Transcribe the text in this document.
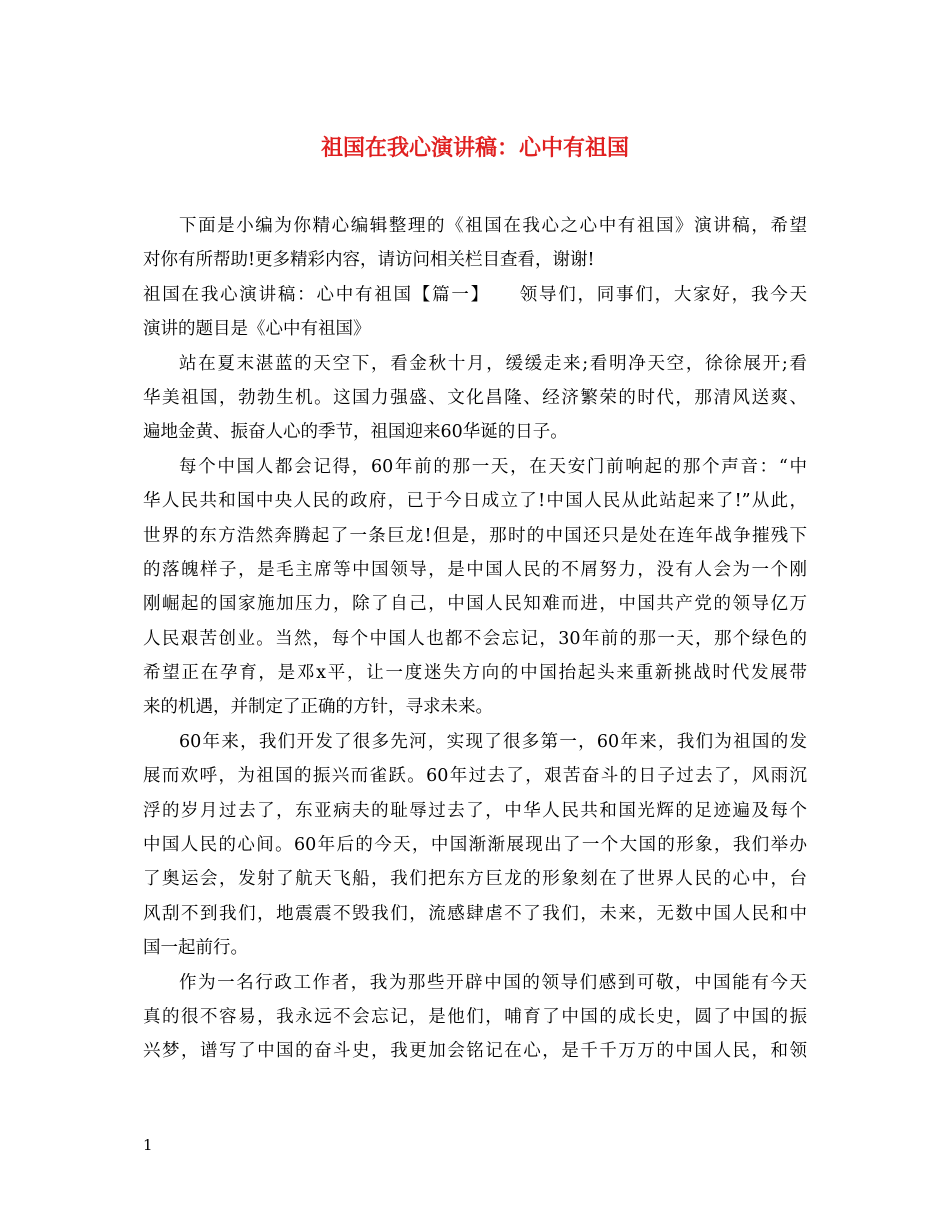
祖国在我心演讲稿：心中有祖国
下面是小编为你精心编辑整理的《祖国在我心之心中有祖国》演讲稿，希望
对你有所帮助!更多精彩内容，请访问相关栏目查看，谢谢!
祖国在我心演讲稿：心中有祖国【篇一】　　领导们，同事们，大家好，我今天
演讲的题目是《心中有祖国》
站在夏末湛蓝的天空下，看金秋十月，缓缓走来;看明净天空，徐徐展开;看
华美祖国，勃勃生机。这国力强盛、文化昌隆、经济繁荣的时代，那清风送爽、
遍地金黄、振奋人心的季节，祖国迎来60华诞的日子。
每个中国人都会记得，60年前的那一天，在天安门前响起的那个声音：“中
华人民共和国中央人民的政府，已于今日成立了!中国人民从此站起来了!”从此，
世界的东方浩然奔腾起了一条巨龙!但是，那时的中国还只是处在连年战争摧残下
的落魄样子，是毛主席等中国领导，是中国人民的不屑努力，没有人会为一个刚
刚崛起的国家施加压力，除了自己，中国人民知难而进，中国共产党的领导亿万
人民艰苦创业。当然，每个中国人也都不会忘记，30年前的那一天，那个绿色的
希望正在孕育，是邓x平，让一度迷失方向的中国抬起头来重新挑战时代发展带
来的机遇，并制定了正确的方针，寻求未来。
60年来，我们开发了很多先河，实现了很多第一，60年来，我们为祖国的发
展而欢呼，为祖国的振兴而雀跃。60年过去了，艰苦奋斗的日子过去了，风雨沉
浮的岁月过去了，东亚病夫的耻辱过去了，中华人民共和国光辉的足迹遍及每个
中国人民的心间。60年后的今天，中国渐渐展现出了一个大国的形象，我们举办
了奥运会，发射了航天飞船，我们把东方巨龙的形象刻在了世界人民的心中，台
风刮不到我们，地震震不毁我们，流感肆虐不了我们，未来，无数中国人民和中
国一起前行。
作为一名行政工作者，我为那些开辟中国的领导们感到可敬，中国能有今天
真的很不容易，我永远不会忘记，是他们，哺育了中国的成长史，圆了中国的振
兴梦，谱写了中国的奋斗史，我更加会铭记在心，是千千万万的中国人民，和领
1
